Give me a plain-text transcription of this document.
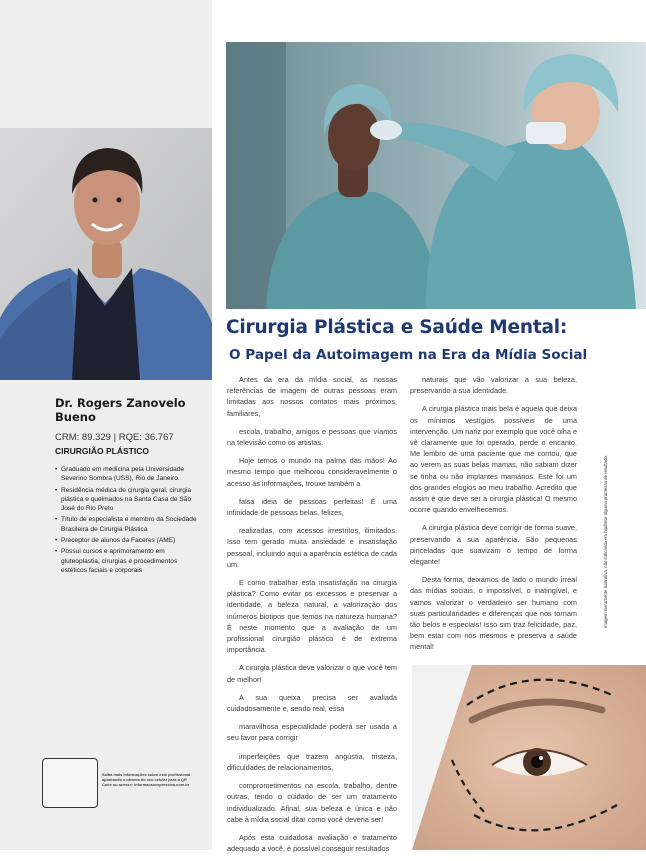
Dr. Rogers Zanovelo Bueno

CRM: 89.329 | RQE: 36.767

CIRURGIÃO PLÁSTICO

• Graduado em medicina pela Universidade Severino Sombra (USS), Rio de Janeiro.
• Residência médica de cirurgia geral, cirurgia plástica e queimados na Santa Casa de São José do Rio Preto
• Título de especialista e membro da Sociedade Brasileira de Cirurgia Plástica
• Preceptor de alunos da Faceres (AME)
• Possui cursos e aprimoramento em gluteoplastia, cirurgias e procedimentos estéticos faciais e corporais

Saiba mais informações sobre este profissional apontando a câmera do seu celular para o QR Code ou acesse: informacaoexpressiva.com.br

Cirurgia Plástica e Saúde Mental:
O Papel da Autoimagem na Era da Mídia Social

Antes da era da mídia social, as nossas referências de imagem de outras pessoas eram limitadas aos nossos contatos mais próximos, familiares,

escola, trabalho, amigos e pessoas que víamos na televisão como os artistas.

Hoje temos o mundo na palma das mãos! Ao mesmo tempo que melhorou consideravelmente o acesso às informações, trouxe também a

falsa ideia de pessoas perfeitas! É uma infinidade de pessoas belas, felizes,

realizadas, com acessos irrestritos, ilimitados. Isso tem gerado muita ansiedade e insatisfação pessoal, incluindo aqui a aparência estética de cada um.

E como trabalhar esta insatisfação na cirurgia plástica? Como evitar os excessos e preservar a identidade, a beleza natural, a valorização dos inúmeros biotipos que temos na natureza humana? É neste momento que a avaliação de um profissional cirurgião plástico é de extrema importância.

A cirurgia plástica deve valorizar o que você tem de melhor!

A sua queixa precisa ser avaliada cuidadosamente e, sendo real, essa

maravilhosa especialidade poderá ser usada a seu favor para corrigir

imperfeições que trazem angústia, tristeza, dificuldades de relacionamentos,

comprometimentos na escola, trabalho, dentre outras, tendo o cuidado de ser um tratamento individualizado. Afinal, sua beleza é única e não cabe à mídia social ditar como você deveria ser!

Após esta cuidadosa avaliação e tratamento adequado a você, é possível conseguir resultados

naturais que vão valorizar a sua beleza, preservando a sua identidade.

A cirurgia plástica mais bela é aquela que deixa os mínimos vestígios possíveis de uma intervenção. Um nariz por exemplo que você olha e vê claramente que foi operado, perde o encanto. Me lembro de uma paciente que me contou, que ao verem as suas belas mamas, não sabiam dizer se tinha ou não implantes mamários. Este foi um dos grandes elogios ao meu trabalho. Acredito que assim é que deve ser a cirurgia plástica! O mesmo ocorre quando envelhecemos.

A cirurgia plástica deve corrigir de forma suave, preservando a sua aparência. São pequenas pinceladas que suavizam o tempo de forma elegante!

Desta forma, deixamos de lado o mundo irreal das mídias sociais, o impossível, o inatingível, e vamos valorizar o verdadeiro ser humano com suas particularidades e diferenças que nos tornam tão belos e especiais! Isso sim traz felicidade, paz, bem estar com nós mesmos e preserva a saúde mental!

Imagem meramente ilustrativa, não indicando em hipótese alguma promessa de resultado.
